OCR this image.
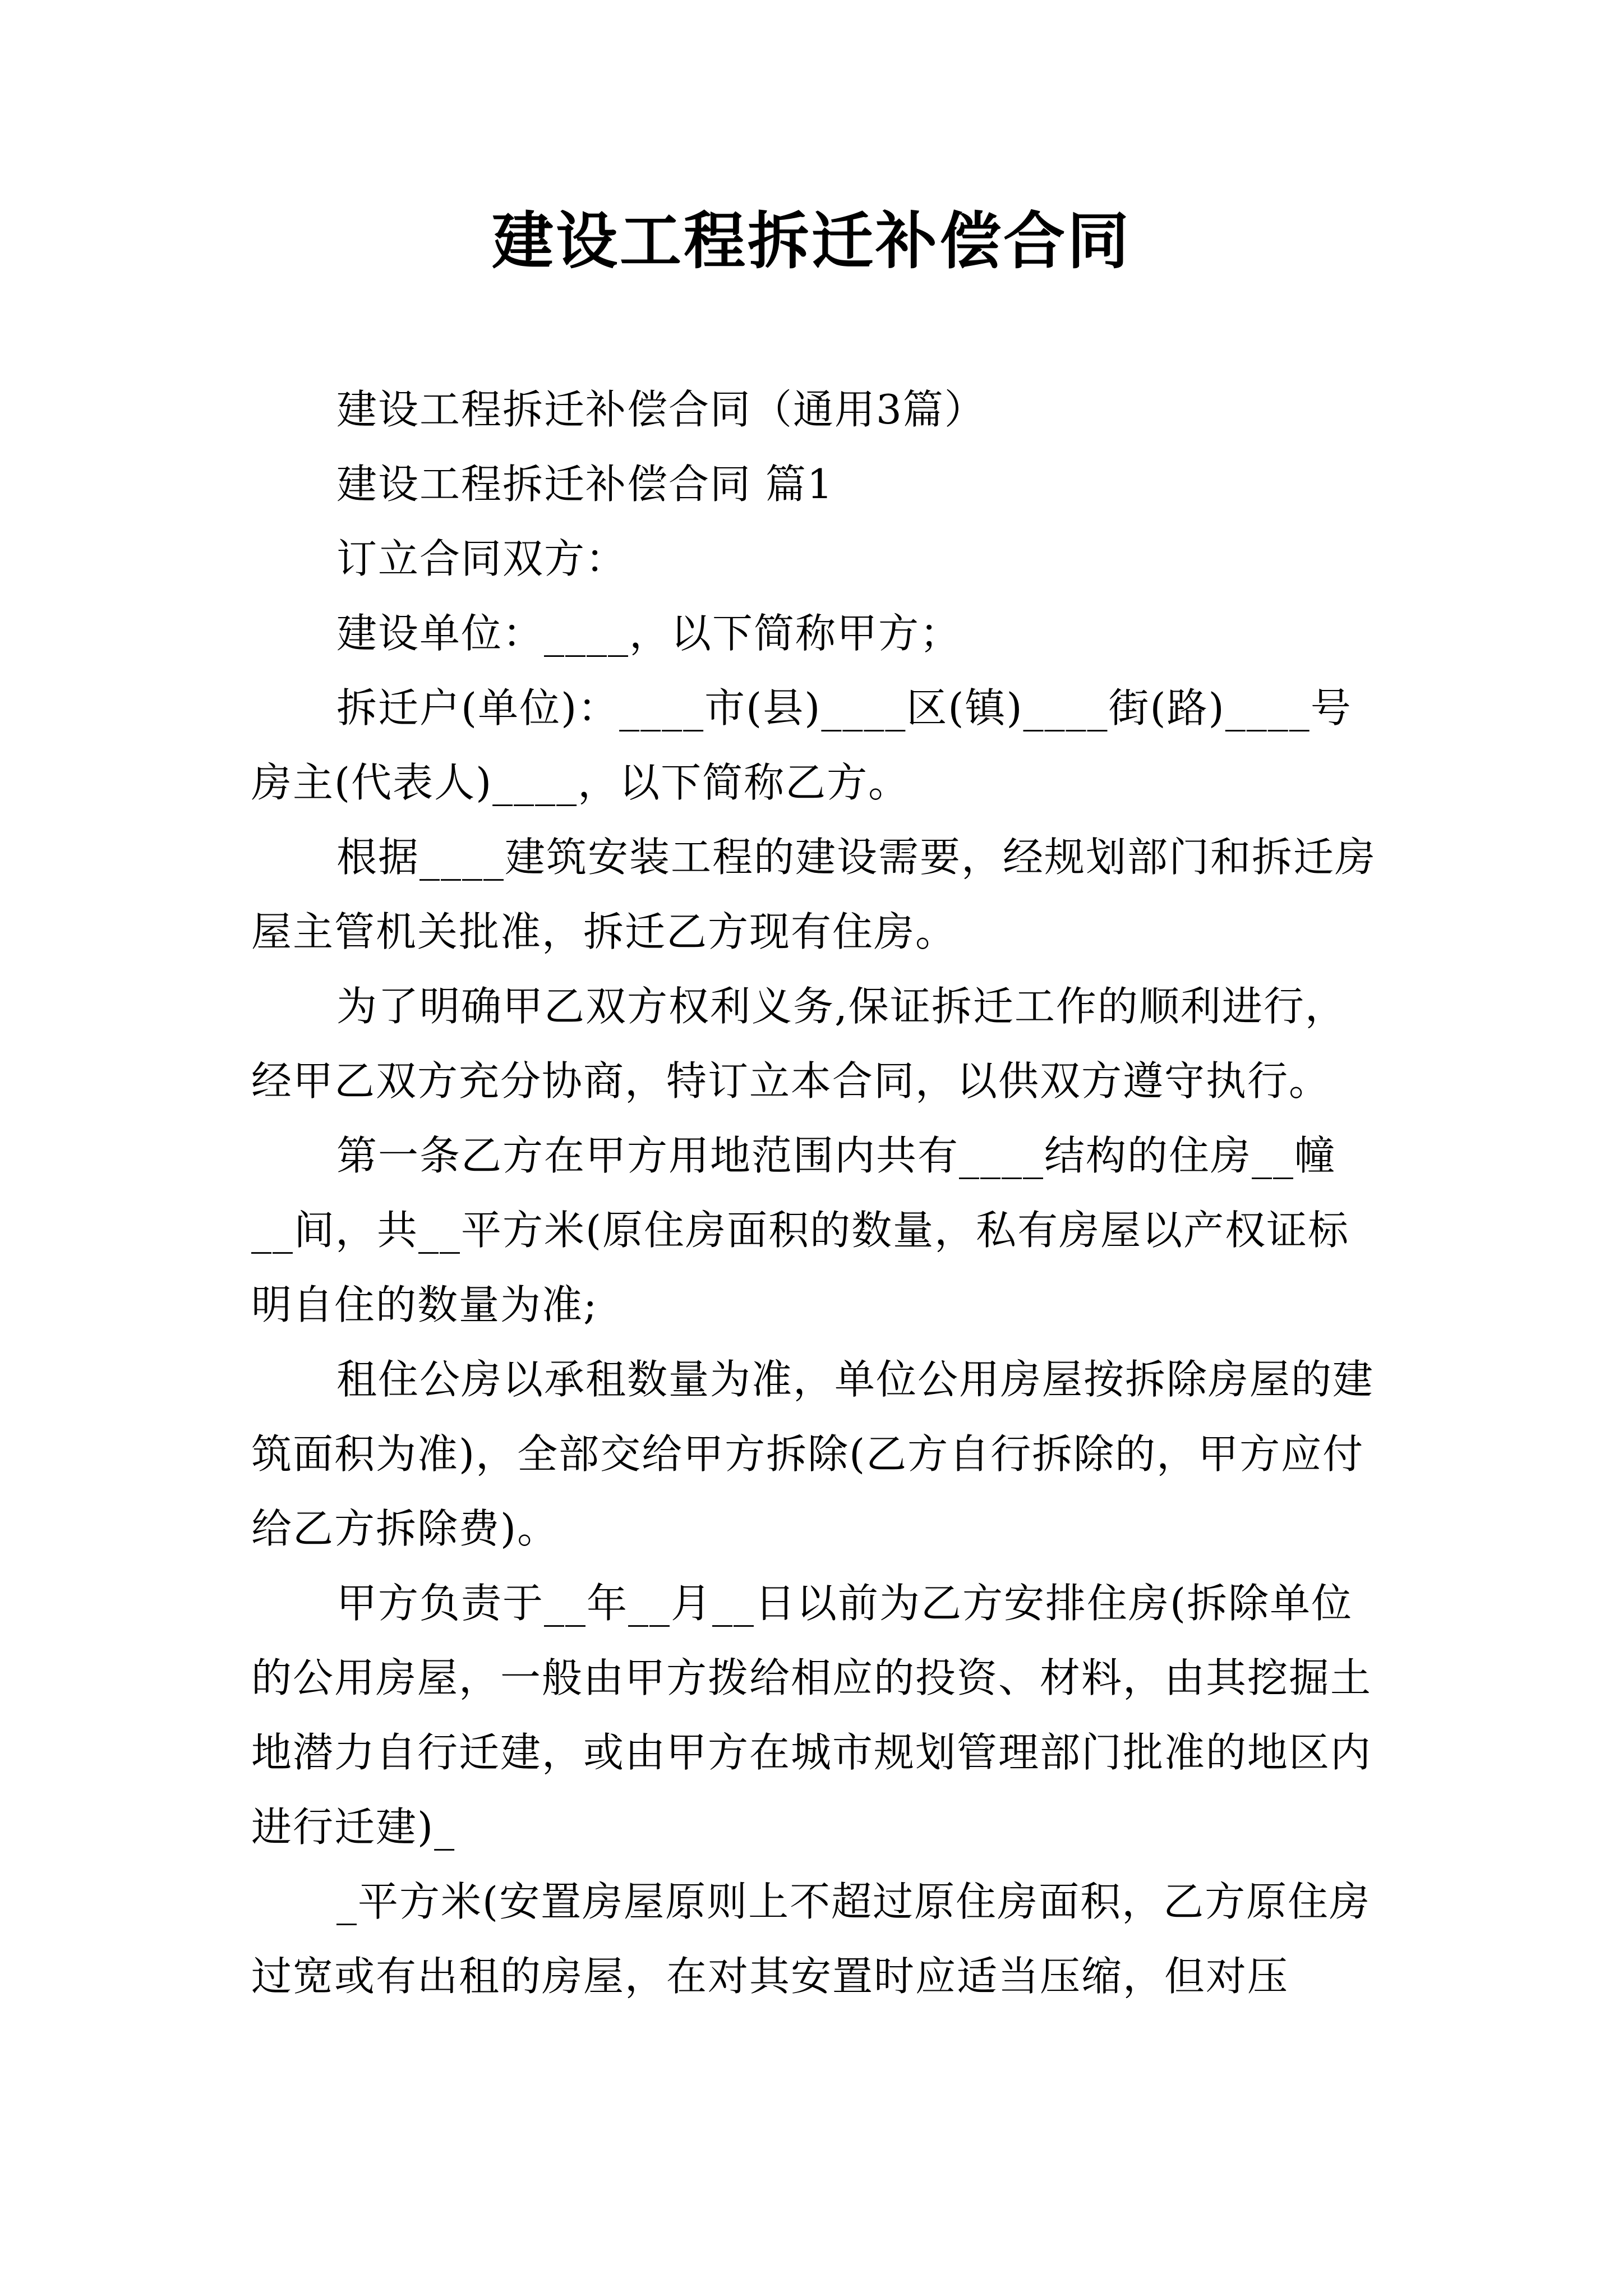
建设工程拆迁补偿合同

建设工程拆迁补偿合同（通用3篇）

建设工程拆迁补偿合同 篇1

订立合同双方：

建设单位：____，以下简称甲方；

拆迁户(单位)：____市(县)____区(镇)____街(路)____号房主(代表人)____，以下简称乙方。

根据____建筑安装工程的建设需要，经规划部门和拆迁房屋主管机关批准，拆迁乙方现有住房。

为了明确甲乙双方权利义务,保证拆迁工作的顺利进行，经甲乙双方充分协商，特订立本合同，以供双方遵守执行。

第一条乙方在甲方用地范围内共有____结构的住房__幢__间，共__平方米(原住房面积的数量，私有房屋以产权证标明自住的数量为准;

租住公房以承租数量为准，单位公用房屋按拆除房屋的建筑面积为准)，全部交给甲方拆除(乙方自行拆除的，甲方应付给乙方拆除费)。

甲方负责于__年__月__日以前为乙方安排住房(拆除单位的公用房屋，一般由甲方拨给相应的投资、材料，由其挖掘土地潜力自行迁建，或由甲方在城市规划管理部门批准的地区内进行迁建)_

_平方米(安置房屋原则上不超过原住房面积，乙方原住房过宽或有出租的房屋，在对其安置时应适当压缩，但对压
